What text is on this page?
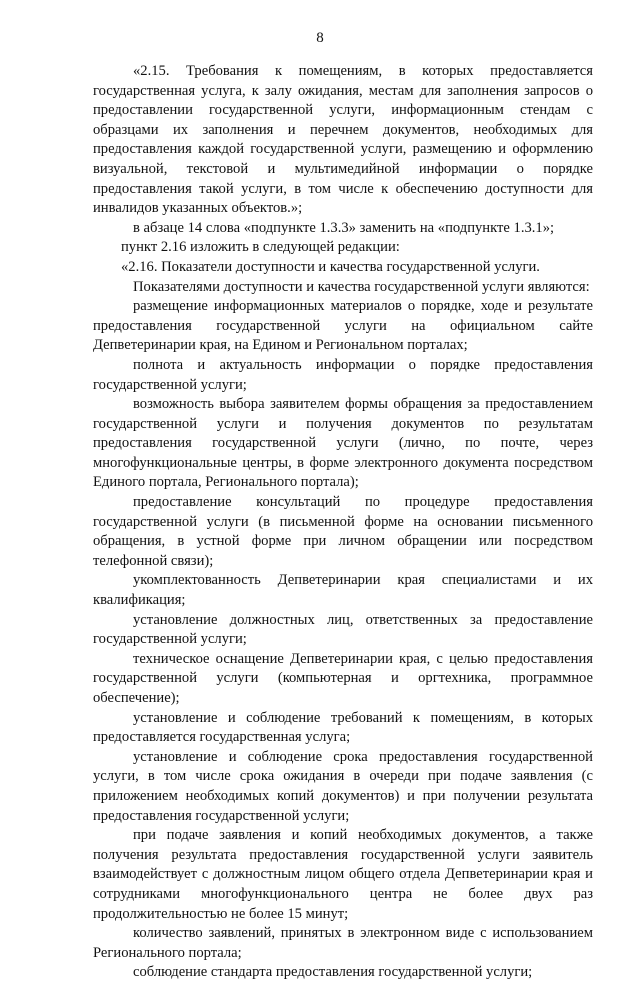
8

«2.15. Требования к помещениям, в которых предоставляется государственная услуга, к залу ожидания, местам для заполнения запросов о предоставлении государственной услуги, информационным стендам с образцами их заполнения и перечнем документов, необходимых для предоставления каждой государственной услуги, размещению и оформлению визуальной, текстовой и мультимедийной информации о порядке предоставления такой услуги, в том числе к обеспечению доступности для инвалидов указанных объектов.»;

в абзаце 14 слова «подпункте 1.3.3» заменить на «подпункте 1.3.1»;

пункт 2.16 изложить в следующей редакции:

«2.16. Показатели доступности и качества государственной услуги.

Показателями доступности и качества государственной услуги являются:

размещение информационных материалов о порядке, ходе и результате предоставления государственной услуги на официальном сайте Депветеринарии края, на Едином и Региональном порталах;

полнота и актуальность информации о порядке предоставления государственной услуги;

возможность выбора заявителем формы обращения за предоставлением государственной услуги и получения документов по результатам предоставления государственной услуги (лично, по почте, через многофункциональные центры, в форме электронного документа посредством Единого портала, Регионального портала);

предоставление консультаций по процедуре предоставления государственной услуги (в письменной форме на основании письменного обращения, в устной форме при личном обращении или посредством телефонной связи);

укомплектованность Депветеринарии края специалистами и их квалификация;

установление должностных лиц, ответственных за предоставление государственной услуги;

техническое оснащение Депветеринарии края, с целью предоставления государственной услуги (компьютерная и оргтехника, программное обеспечение);

установление и соблюдение требований к помещениям, в которых предоставляется государственная услуга;

установление и соблюдение срока предоставления государственной услуги, в том числе срока ожидания в очереди при подаче заявления (с приложением необходимых копий документов) и при получении результата предоставления государственной услуги;

при подаче заявления и копий необходимых документов, а также получения результата предоставления государственной услуги заявитель взаимодействует с должностным лицом общего отдела Депветеринарии края и сотрудниками многофункционального центра не более двух раз продолжительностью не более 15 минут;

количество заявлений, принятых в электронном виде с использованием Регионального портала;

соблюдение стандарта предоставления государственной услуги;
